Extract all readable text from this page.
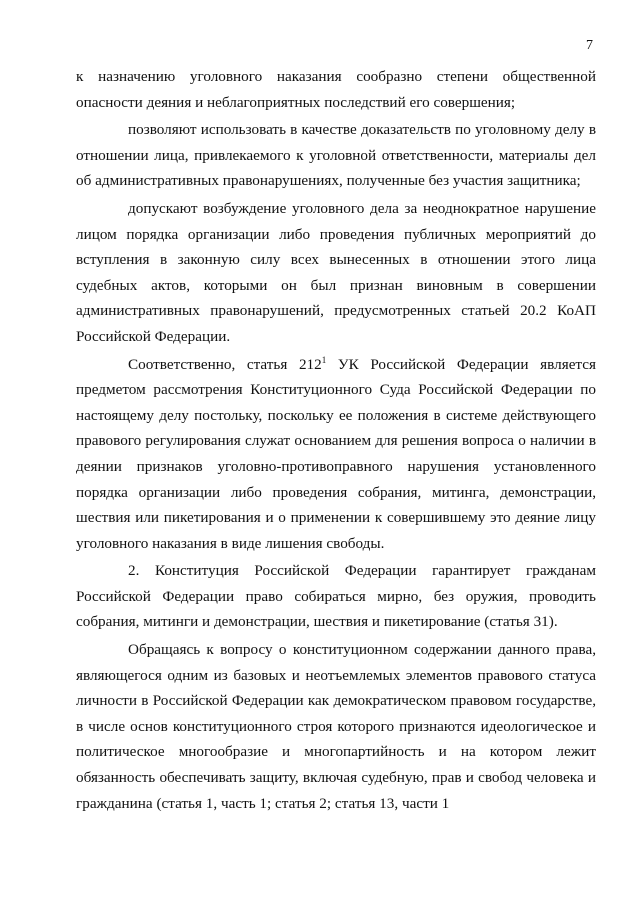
7

к назначению уголовного наказания сообразно степени общественной опасности деяния и неблагоприятных последствий его совершения;

позволяют использовать в качестве доказательств по уголовному делу в отношении лица, привлекаемого к уголовной ответственности, материалы дел об административных правонарушениях, полученные без участия защитника;

допускают возбуждение уголовного дела за неоднократное нарушение лицом порядка организации либо проведения публичных мероприятий до вступления в законную силу всех вынесенных в отношении этого лица судебных актов, которыми он был признан виновным в совершении административных правонарушений, предусмотренных статьей 20.2 КоАП Российской Федерации.

Соответственно, статья $212^1$ УК Российской Федерации является предметом рассмотрения Конституционного Суда Российской Федерации по настоящему делу постольку, поскольку ее положения в системе действующего правового регулирования служат основанием для решения вопроса о наличии в деянии признаков уголовно-противоправного нарушения установленного порядка организации либо проведения собрания, митинга, демонстрации, шествия или пикетирования и о применении к совершившему это деяние лицу уголовного наказания в виде лишения свободы.

2. Конституция Российской Федерации гарантирует гражданам Российской Федерации право собираться мирно, без оружия, проводить собрания, митинги и демонстрации, шествия и пикетирование (статья 31).

Обращаясь к вопросу о конституционном содержании данного права, являющегося одним из базовых и неотъемлемых элементов правового статуса личности в Российской Федерации как демократическом правовом государстве, в числе основ конституционного строя которого признаются идеологическое и политическое многообразие и многопартийность и на котором лежит обязанность обеспечивать защиту, включая судебную, прав и свобод человека и гражданина (статья 1, часть 1; статья 2; статья 13, части 1
